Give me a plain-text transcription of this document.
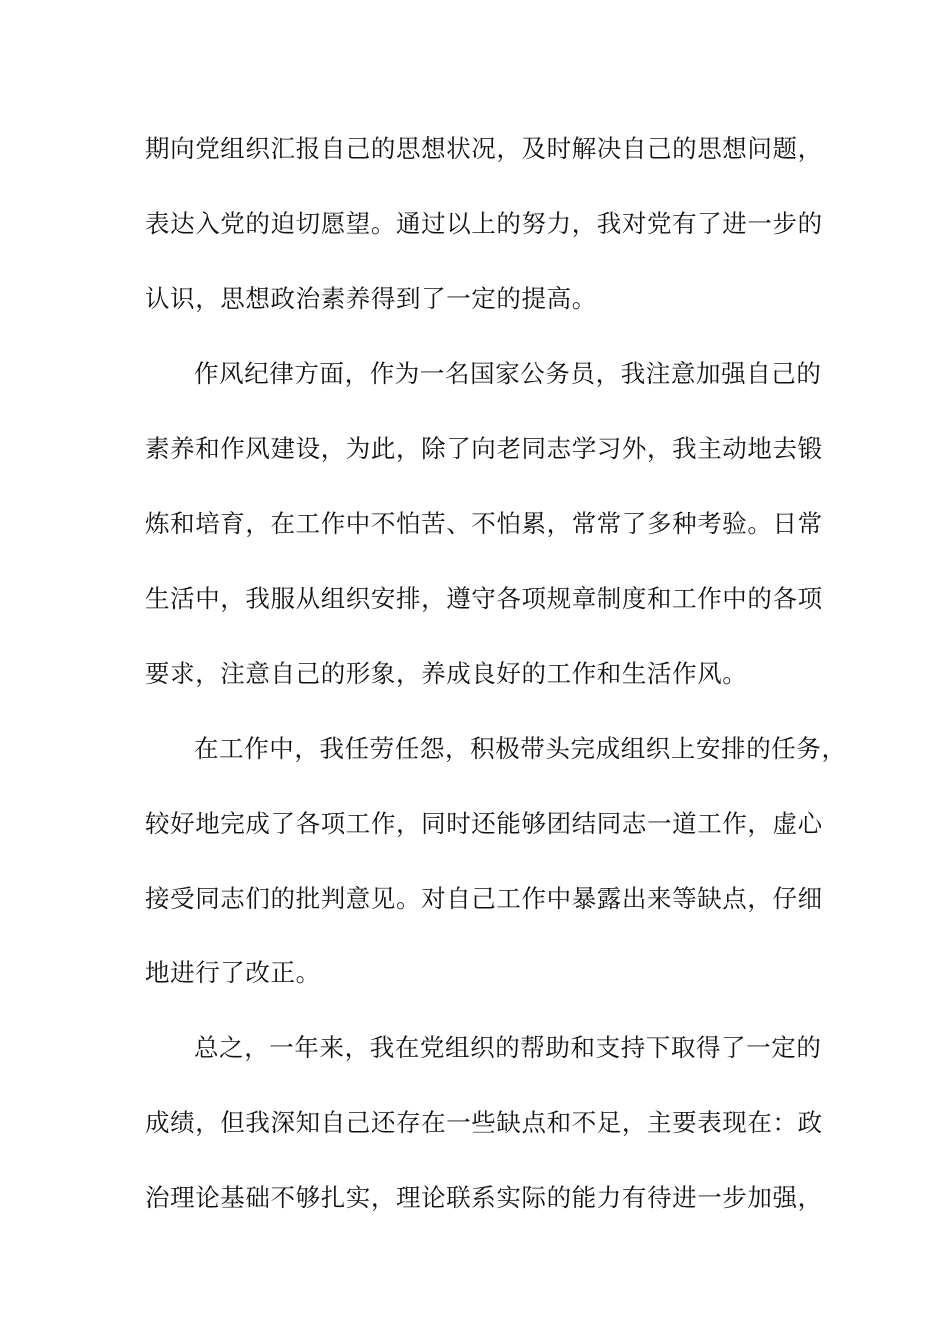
期向党组织汇报自己的思想状况，及时解决自己的思想问题，
表达入党的迫切愿望。通过以上的努力，我对党有了进一步的
认识，思想政治素养得到了一定的提高。
作风纪律方面，作为一名国家公务员，我注意加强自己的
素养和作风建设，为此，除了向老同志学习外，我主动地去锻
炼和培育，在工作中不怕苦、不怕累，常常了多种考验。日常
生活中，我服从组织安排，遵守各项规章制度和工作中的各项
要求，注意自己的形象，养成良好的工作和生活作风。
在工作中，我任劳任怨，积极带头完成组织上安排的任务，
较好地完成了各项工作，同时还能够团结同志一道工作，虚心
接受同志们的批判意见。对自己工作中暴露出来等缺点，仔细
地进行了改正。
总之，一年来，我在党组织的帮助和支持下取得了一定的
成绩，但我深知自己还存在一些缺点和不足，主要表现在：政
治理论基础不够扎实，理论联系实际的能力有待进一步加强，
